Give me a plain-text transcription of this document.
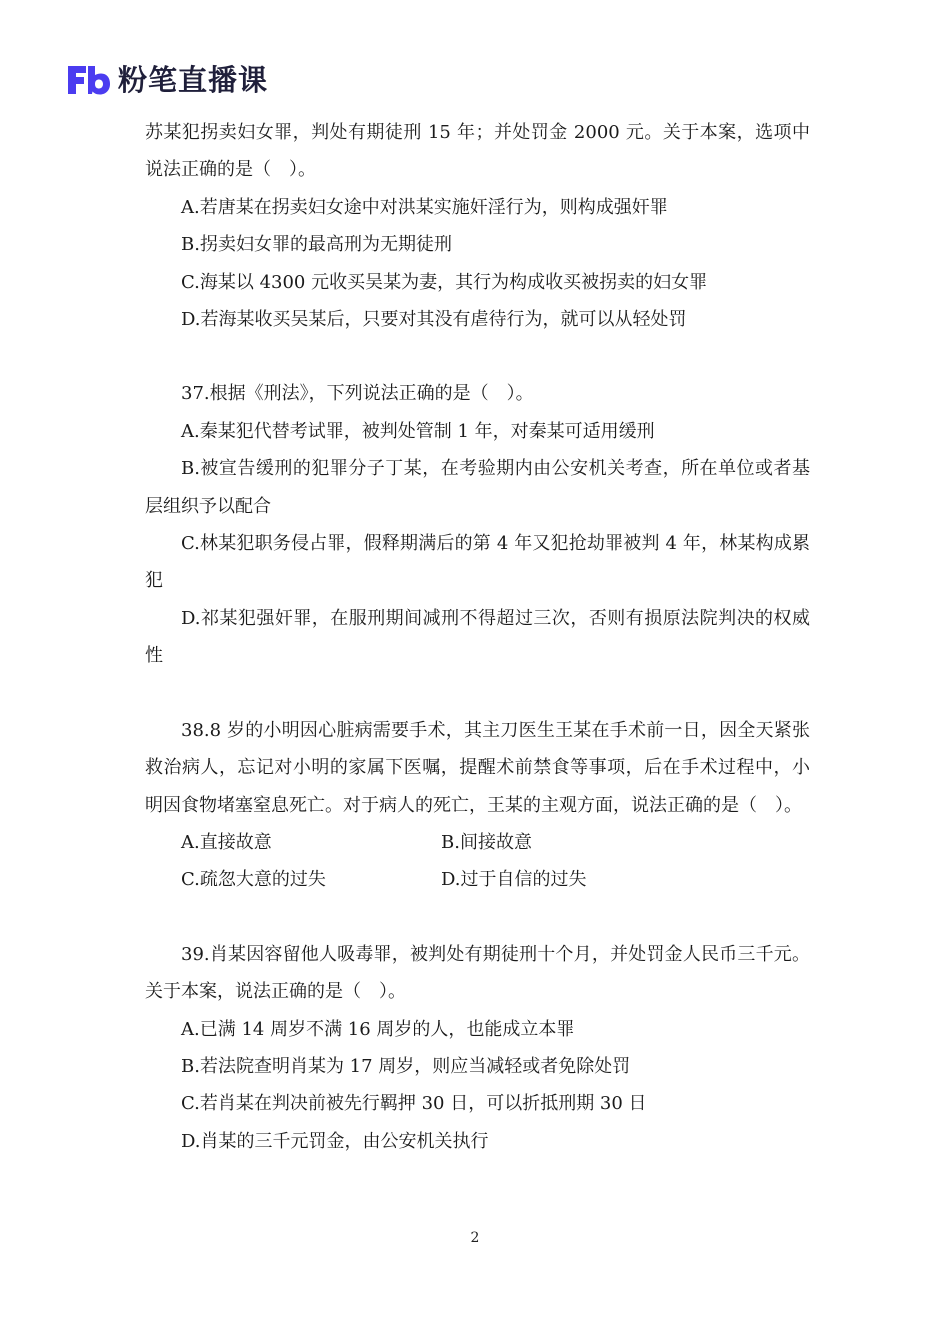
粉笔直播课

苏某犯拐卖妇女罪，判处有期徒刑 15 年；并处罚金 2000 元。关于本案，选项中说法正确的是（　）。

A.若唐某在拐卖妇女途中对洪某实施奸淫行为，则构成强奸罪

B.拐卖妇女罪的最高刑为无期徒刑

C.海某以 4300 元收买吴某为妻，其行为构成收买被拐卖的妇女罪

D.若海某收买吴某后，只要对其没有虐待行为，就可以从轻处罚

37.根据《刑法》，下列说法正确的是（　）。

A.秦某犯代替考试罪，被判处管制 1 年，对秦某可适用缓刑

B.被宣告缓刑的犯罪分子丁某，在考验期内由公安机关考查，所在单位或者基层组织予以配合

C.林某犯职务侵占罪，假释期满后的第 4 年又犯抢劫罪被判 4 年，林某构成累犯

D.祁某犯强奸罪，在服刑期间减刑不得超过三次，否则有损原法院判决的权威性

38.8 岁的小明因心脏病需要手术，其主刀医生王某在手术前一日，因全天紧张救治病人，忘记对小明的家属下医嘱，提醒术前禁食等事项，后在手术过程中，小明因食物堵塞窒息死亡。对于病人的死亡，王某的主观方面，说法正确的是（　）。

A.直接故意	B.间接故意
C.疏忽大意的过失	D.过于自信的过失

39.肖某因容留他人吸毒罪，被判处有期徒刑十个月，并处罚金人民币三千元。关于本案，说法正确的是（　）。

A.已满 14 周岁不满 16 周岁的人，也能成立本罪

B.若法院查明肖某为 17 周岁，则应当减轻或者免除处罚

C.若肖某在判决前被先行羁押 30 日，可以折抵刑期 30 日

D.肖某的三千元罚金，由公安机关执行

2
